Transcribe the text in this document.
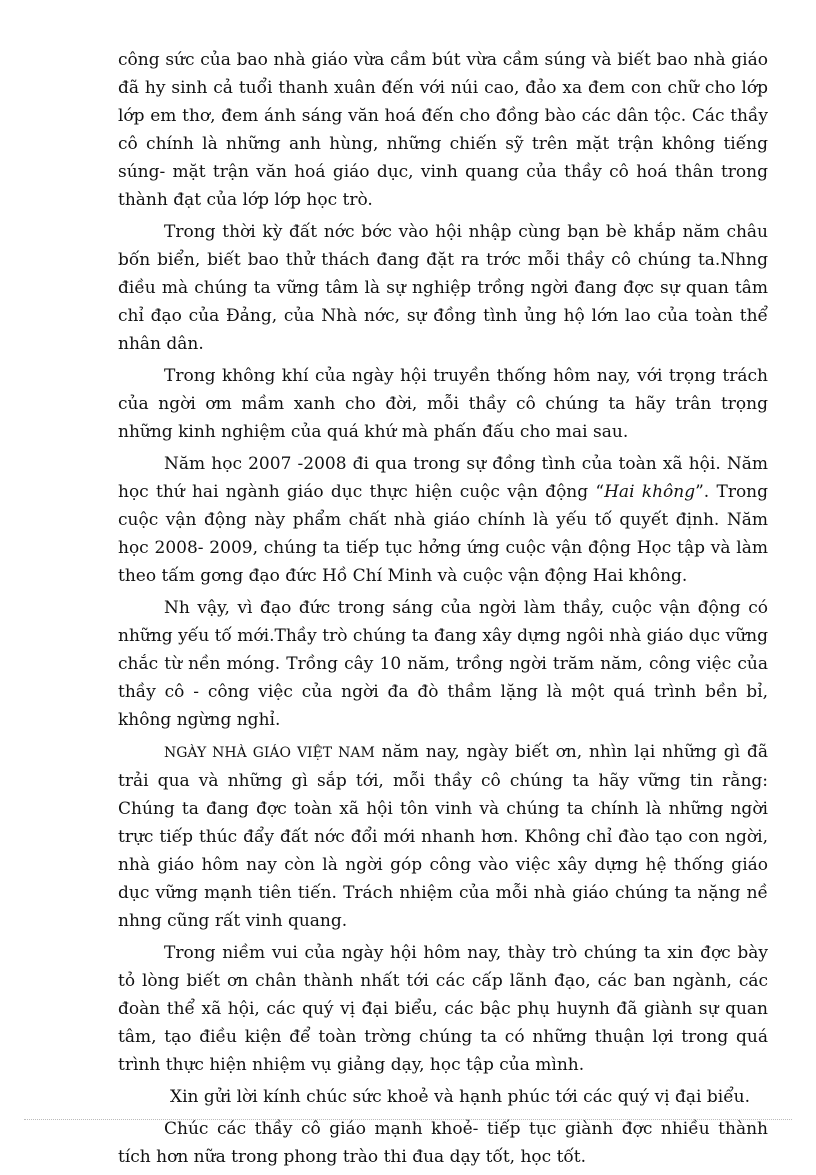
công sức của bao nhà giáo vừa cầm bút vừa cầm súng và biết bao nhà giáo đã hy sinh cả tuổi thanh xuân đến với núi cao, đảo xa đem con chữ cho lớp lớp em thơ, đem ánh sáng văn hoá đến cho đồng bào các dân tộc. Các thầy cô chính là những anh hùng, những chiến sỹ trên mặt trận không tiếng súng- mặt trận văn hoá giáo dục, vinh quang của thầy cô hoá thân trong thành đạt của lớp lớp học trò.

Trong thời kỳ đất nớc bớc vào hội nhập cùng bạn bè khắp năm châu bốn biển, biết bao thử thách đang đặt ra trớc mỗi thầy cô chúng ta.Nhng điều mà chúng ta vững tâm là sự nghiệp trồng ngời đang đợc sự quan tâm chỉ đạo của Đảng, của Nhà nớc, sự đồng tình ủng hộ lớn lao của toàn thể nhân dân.

Trong không khí của ngày hội truyền thống hôm nay, với trọng trách của ngời ơm mầm xanh cho đời, mỗi thầy cô chúng ta hãy trân trọng những kinh nghiệm của quá khứ mà phấn đấu cho mai sau.

Năm học 2007 -2008 đi qua trong sự đồng tình của toàn xã hội. Năm học thứ hai ngành giáo dục thực hiện cuộc vận động “Hai không”. Trong cuộc vận động này phẩm chất nhà giáo chính là yếu tố quyết định. Năm học 2008- 2009, chúng ta tiếp tục hởng ứng cuộc vận động Học tập và làm theo tấm gơng đạo đức Hồ Chí Minh và cuộc vận động Hai không.

Nh vậy, vì đạo đức trong sáng của ngời làm thầy, cuộc vận động có những yếu tố mới.Thầy trò chúng ta đang xây dựng ngôi nhà giáo dục vững chắc từ nền móng. Trồng cây 10 năm, trồng ngời trăm năm, công việc của thầy cô - công việc của ngời đa đò thầm lặng là một quá trình bền bỉ, không ngừng nghỉ.

NGÀY NHÀ GIÁO VIỆT NAM năm nay, ngày biết ơn, nhìn lại những gì đã trải qua và những gì sắp tới, mỗi thầy cô chúng ta hãy vững tin rằng: Chúng ta đang đợc toàn xã hội tôn vinh và chúng ta chính là những ngời trực tiếp thúc đẩy đất nớc đổi mới nhanh hơn. Không chỉ đào tạo con ngời, nhà giáo hôm nay còn là ngời góp công vào việc xây dựng hệ thống giáo dục vững mạnh tiên tiến. Trách nhiệm của mỗi nhà giáo chúng ta nặng nề nhng cũng rất vinh quang.

Trong niềm vui của ngày hội hôm nay, thày trò chúng ta xin đợc bày tỏ lòng biết ơn chân thành nhất tới các cấp lãnh đạo, các ban ngành, các đoàn thể xã hội, các quý vị đại biểu, các bậc phụ huynh đã giành sự quan tâm, tạo điều kiện để toàn trờng chúng ta có những thuận lợi trong quá trình thực hiện nhiệm vụ giảng dạy, học tập của mình.

Xin gửi lời kính chúc sức khoẻ và hạnh phúc tới các quý vị đại biểu.

Chúc các thầy cô giáo mạnh khoẻ- tiếp tục giành đợc nhiều thành tích hơn nữa trong phong trào thi đua dạy tốt, học tốt.
